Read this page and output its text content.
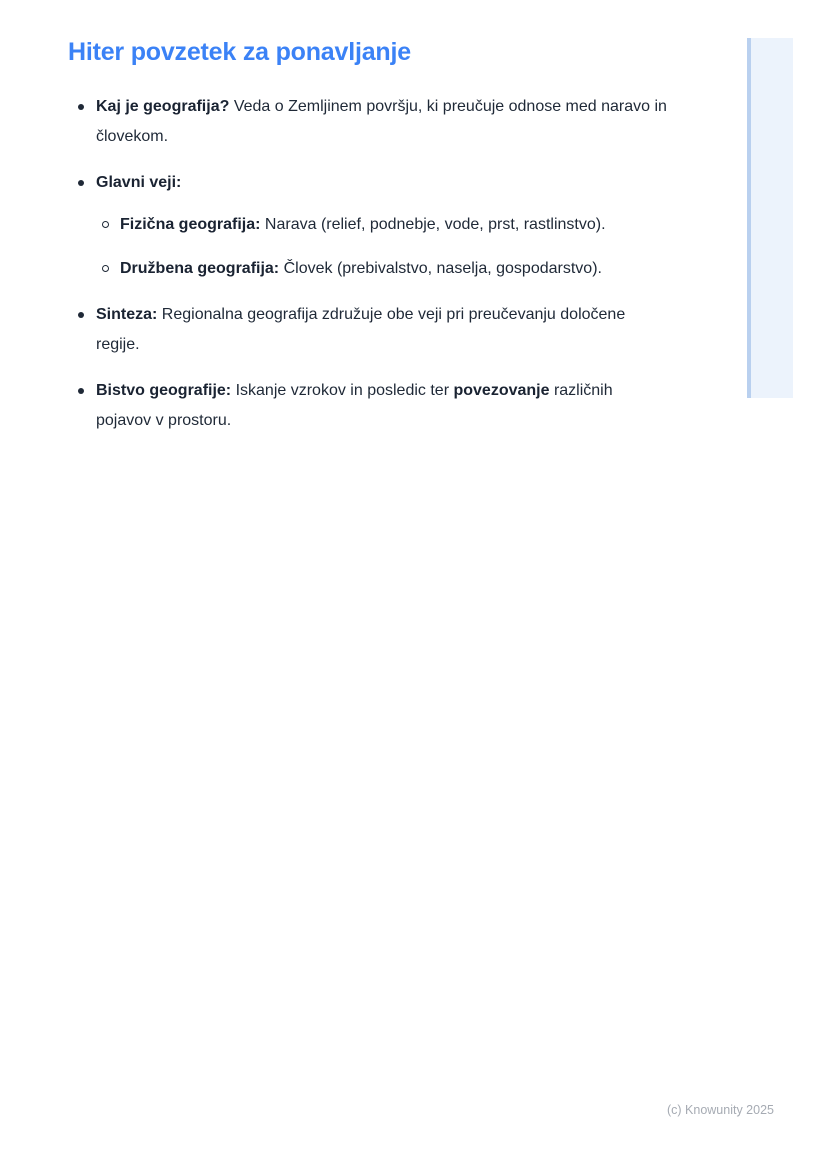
Hiter povzetek za ponavljanje

Kaj je geografija? Veda o Zemljinem površju, ki preučuje odnose med naravo in človekom.

Glavni veji:

Fizična geografija: Narava (relief, podnebje, vode, prst, rastlinstvo).

Družbena geografija: Človek (prebivalstvo, naselja, gospodarstvo).

Sinteza: Regionalna geografija združuje obe veji pri preučevanju določene regije.

Bistvo geografije: Iskanje vzrokov in posledic ter povezovanje različnih pojavov v prostoru.

(c) Knowunity 2025
